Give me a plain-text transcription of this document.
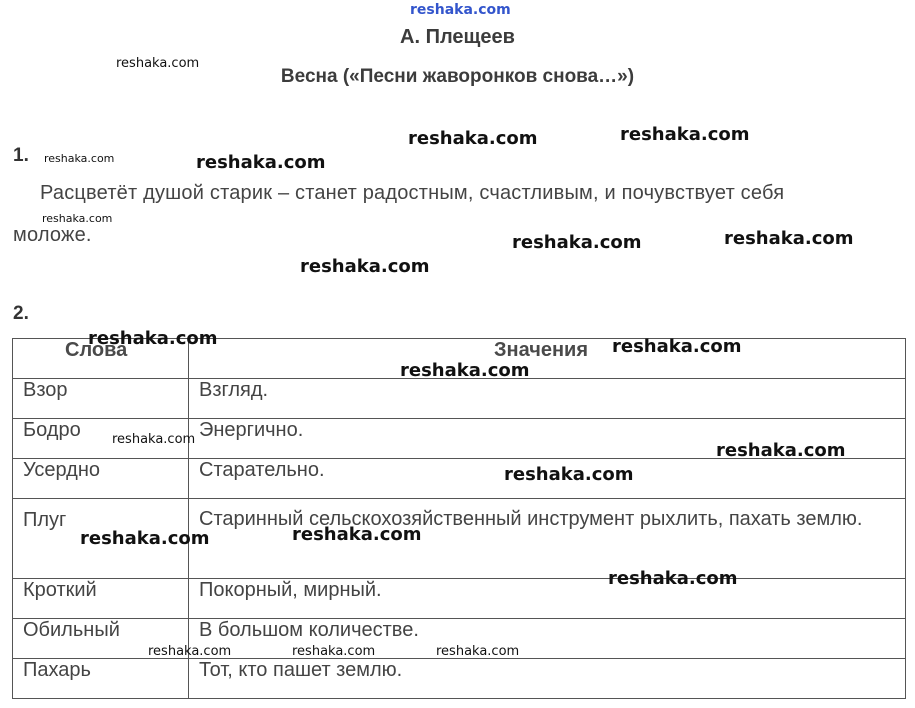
reshaka.com
А. Плещеев
Весна («Песни жаворонков снова…»)
1.
Расцветёт душой старик – станет радостным, счастливым, и почувствует себя
моложе.
2.
Слова	Значения
Взор	Взгляд.
Бодро	Энергично.
Усердно	Старательно.
Плуг	Старинный сельскохозяйственный инструмент рыхлить, пахать землю.
Кроткий	Покорный, мирный.
Обильный	В большом количестве.
Пахарь	Тот, кто пашет землю.
reshaka.com
reshaka.com	reshaka.com
reshaka.com	reshaka.com
reshaka.com
reshaka.com	reshaka.com
reshaka.com
reshaka.com	reshaka.com
reshaka.com
reshaka.com
reshaka.com
reshaka.com
reshaka.com	reshaka.com
reshaka.com
reshaka.com	reshaka.com	reshaka.com
